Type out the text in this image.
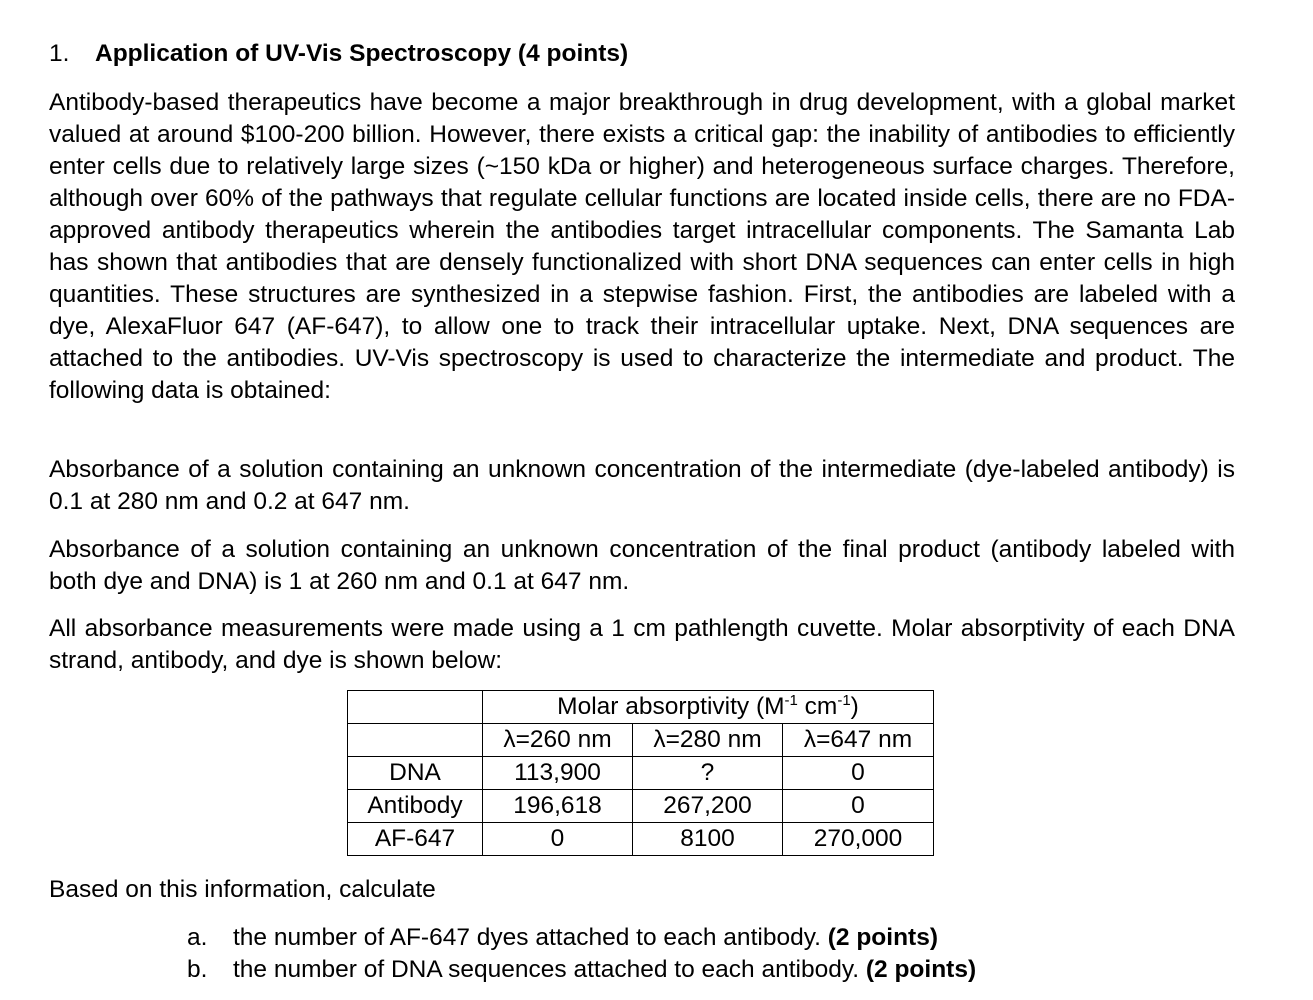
1. Application of UV-Vis Spectroscopy (4 points)

Antibody-based therapeutics have become a major breakthrough in drug development, with a global market valued at around $100-200 billion. However, there exists a critical gap: the inability of antibodies to efficiently enter cells due to relatively large sizes (~150 kDa or higher) and heterogeneous surface charges. Therefore, although over 60% of the pathways that regulate cellular functions are located inside cells, there are no FDA-approved antibody therapeutics wherein the antibodies target intracellular components. The Samanta Lab has shown that antibodies that are densely functionalized with short DNA sequences can enter cells in high quantities. These structures are synthesized in a stepwise fashion. First, the antibodies are labeled with a dye, AlexaFluor 647 (AF-647), to allow one to track their intracellular uptake. Next, DNA sequences are attached to the antibodies. UV-Vis spectroscopy is used to characterize the intermediate and product. The following data is obtained:

Absorbance of a solution containing an unknown concentration of the intermediate (dye-labeled antibody) is 0.1 at 280 nm and 0.2 at 647 nm.

Absorbance of a solution containing an unknown concentration of the final product (antibody labeled with both dye and DNA) is 1 at 260 nm and 0.1 at 647 nm.

All absorbance measurements were made using a 1 cm pathlength cuvette. Molar absorptivity of each DNA strand, antibody, and dye is shown below:

	Molar absorptivity ($M^{-1}$ $cm^{-1}$)		
	λ=260 nm	λ=280 nm	λ=647 nm
DNA	113,900	?	0
Antibody	196,618	267,200	0
AF-647	0	8100	270,000

Based on this information, calculate

a. the number of AF-647 dyes attached to each antibody. (2 points)
b. the number of DNA sequences attached to each antibody. (2 points)
